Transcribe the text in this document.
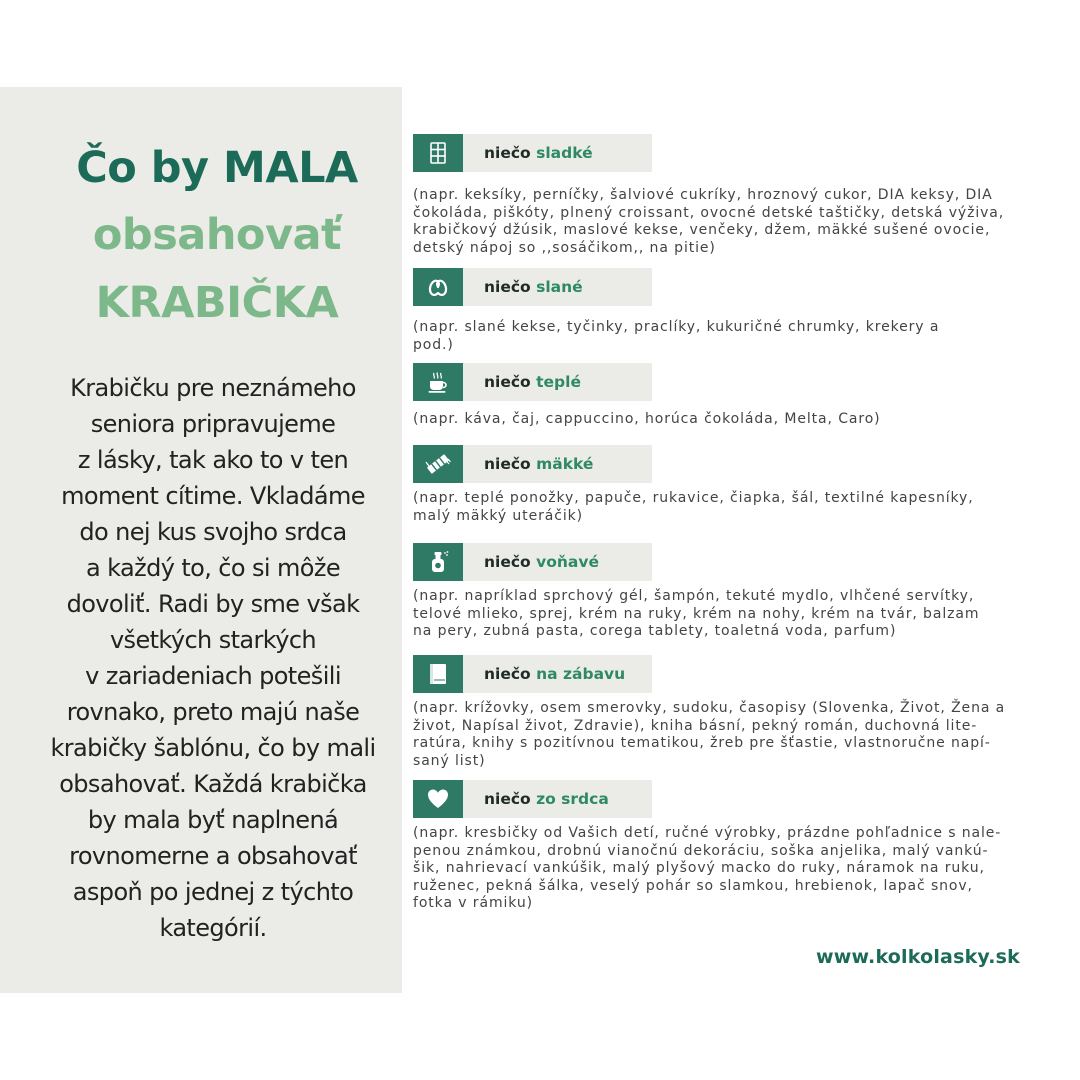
Čo by MALA
obsahovať
KRABIČKA

Krabičku pre neznámeho
seniora pripravujeme
z lásky, tak ako to v ten
moment cítime. Vkladáme
do nej kus svojho srdca
a každý to, čo si môže
dovoliť. Radi by sme však
všetkých starkých
v zariadeniach potešili
rovnako, preto majú naše
krabičky šablónu, čo by mali
obsahovať. Každá krabička
by mala byť naplnená
rovnomerne a obsahovať
aspoň po jednej z týchto
kategórií.

niečo sladké
(napr. keksíky, perníčky, šalviové cukríky, hroznový cukor, DIA keksy, DIA
čokoláda, piškóty, plnený croissant, ovocné detské taštičky, detská výživa,
krabičkový džúsik, maslové kekse, venčeky, džem, mäkké sušené ovocie,
detský nápoj so ,,sosáčikom,, na pitie)
niečo slané
(napr. slané kekse, tyčinky, praclíky, kukuričné chrumky, krekery a
pod.)
niečo teplé
(napr. káva, čaj, cappuccino, horúca čokoláda, Melta, Caro)
niečo mäkké
(napr. teplé ponožky, papuče, rukavice, čiapka, šál, textilné kapesníky,
malý mäkký uteráčik)
niečo voňavé
(napr. napríklad sprchový gél, šampón, tekuté mydlo, vlhčené servítky,
telové mlieko, sprej, krém na ruky, krém na nohy, krém na tvár, balzam
na pery, zubná pasta, corega tablety, toaletná voda, parfum)
niečo na zábavu
(napr. krížovky, osem smerovky, sudoku, časopisy (Slovenka, Život, Žena a
život, Napísal život, Zdravie), kniha básní, pekný román, duchovná lite-
ratúra, knihy s pozitívnou tematikou, žreb pre šťastie, vlastnoručne napí-
saný list)
niečo zo srdca
(napr. kresbičky od Vašich detí, ručné výrobky, prázdne pohľadnice s nale-
penou známkou, drobnú vianočnú dekoráciu, soška anjelika, malý vankú-
šik, nahrievací vankúšik, malý plyšový macko do ruky, náramok na ruku,
ruženec, pekná šálka, veselý pohár so slamkou, hrebienok, lapač snov,
fotka v rámiku)
www.kolkolasky.sk
